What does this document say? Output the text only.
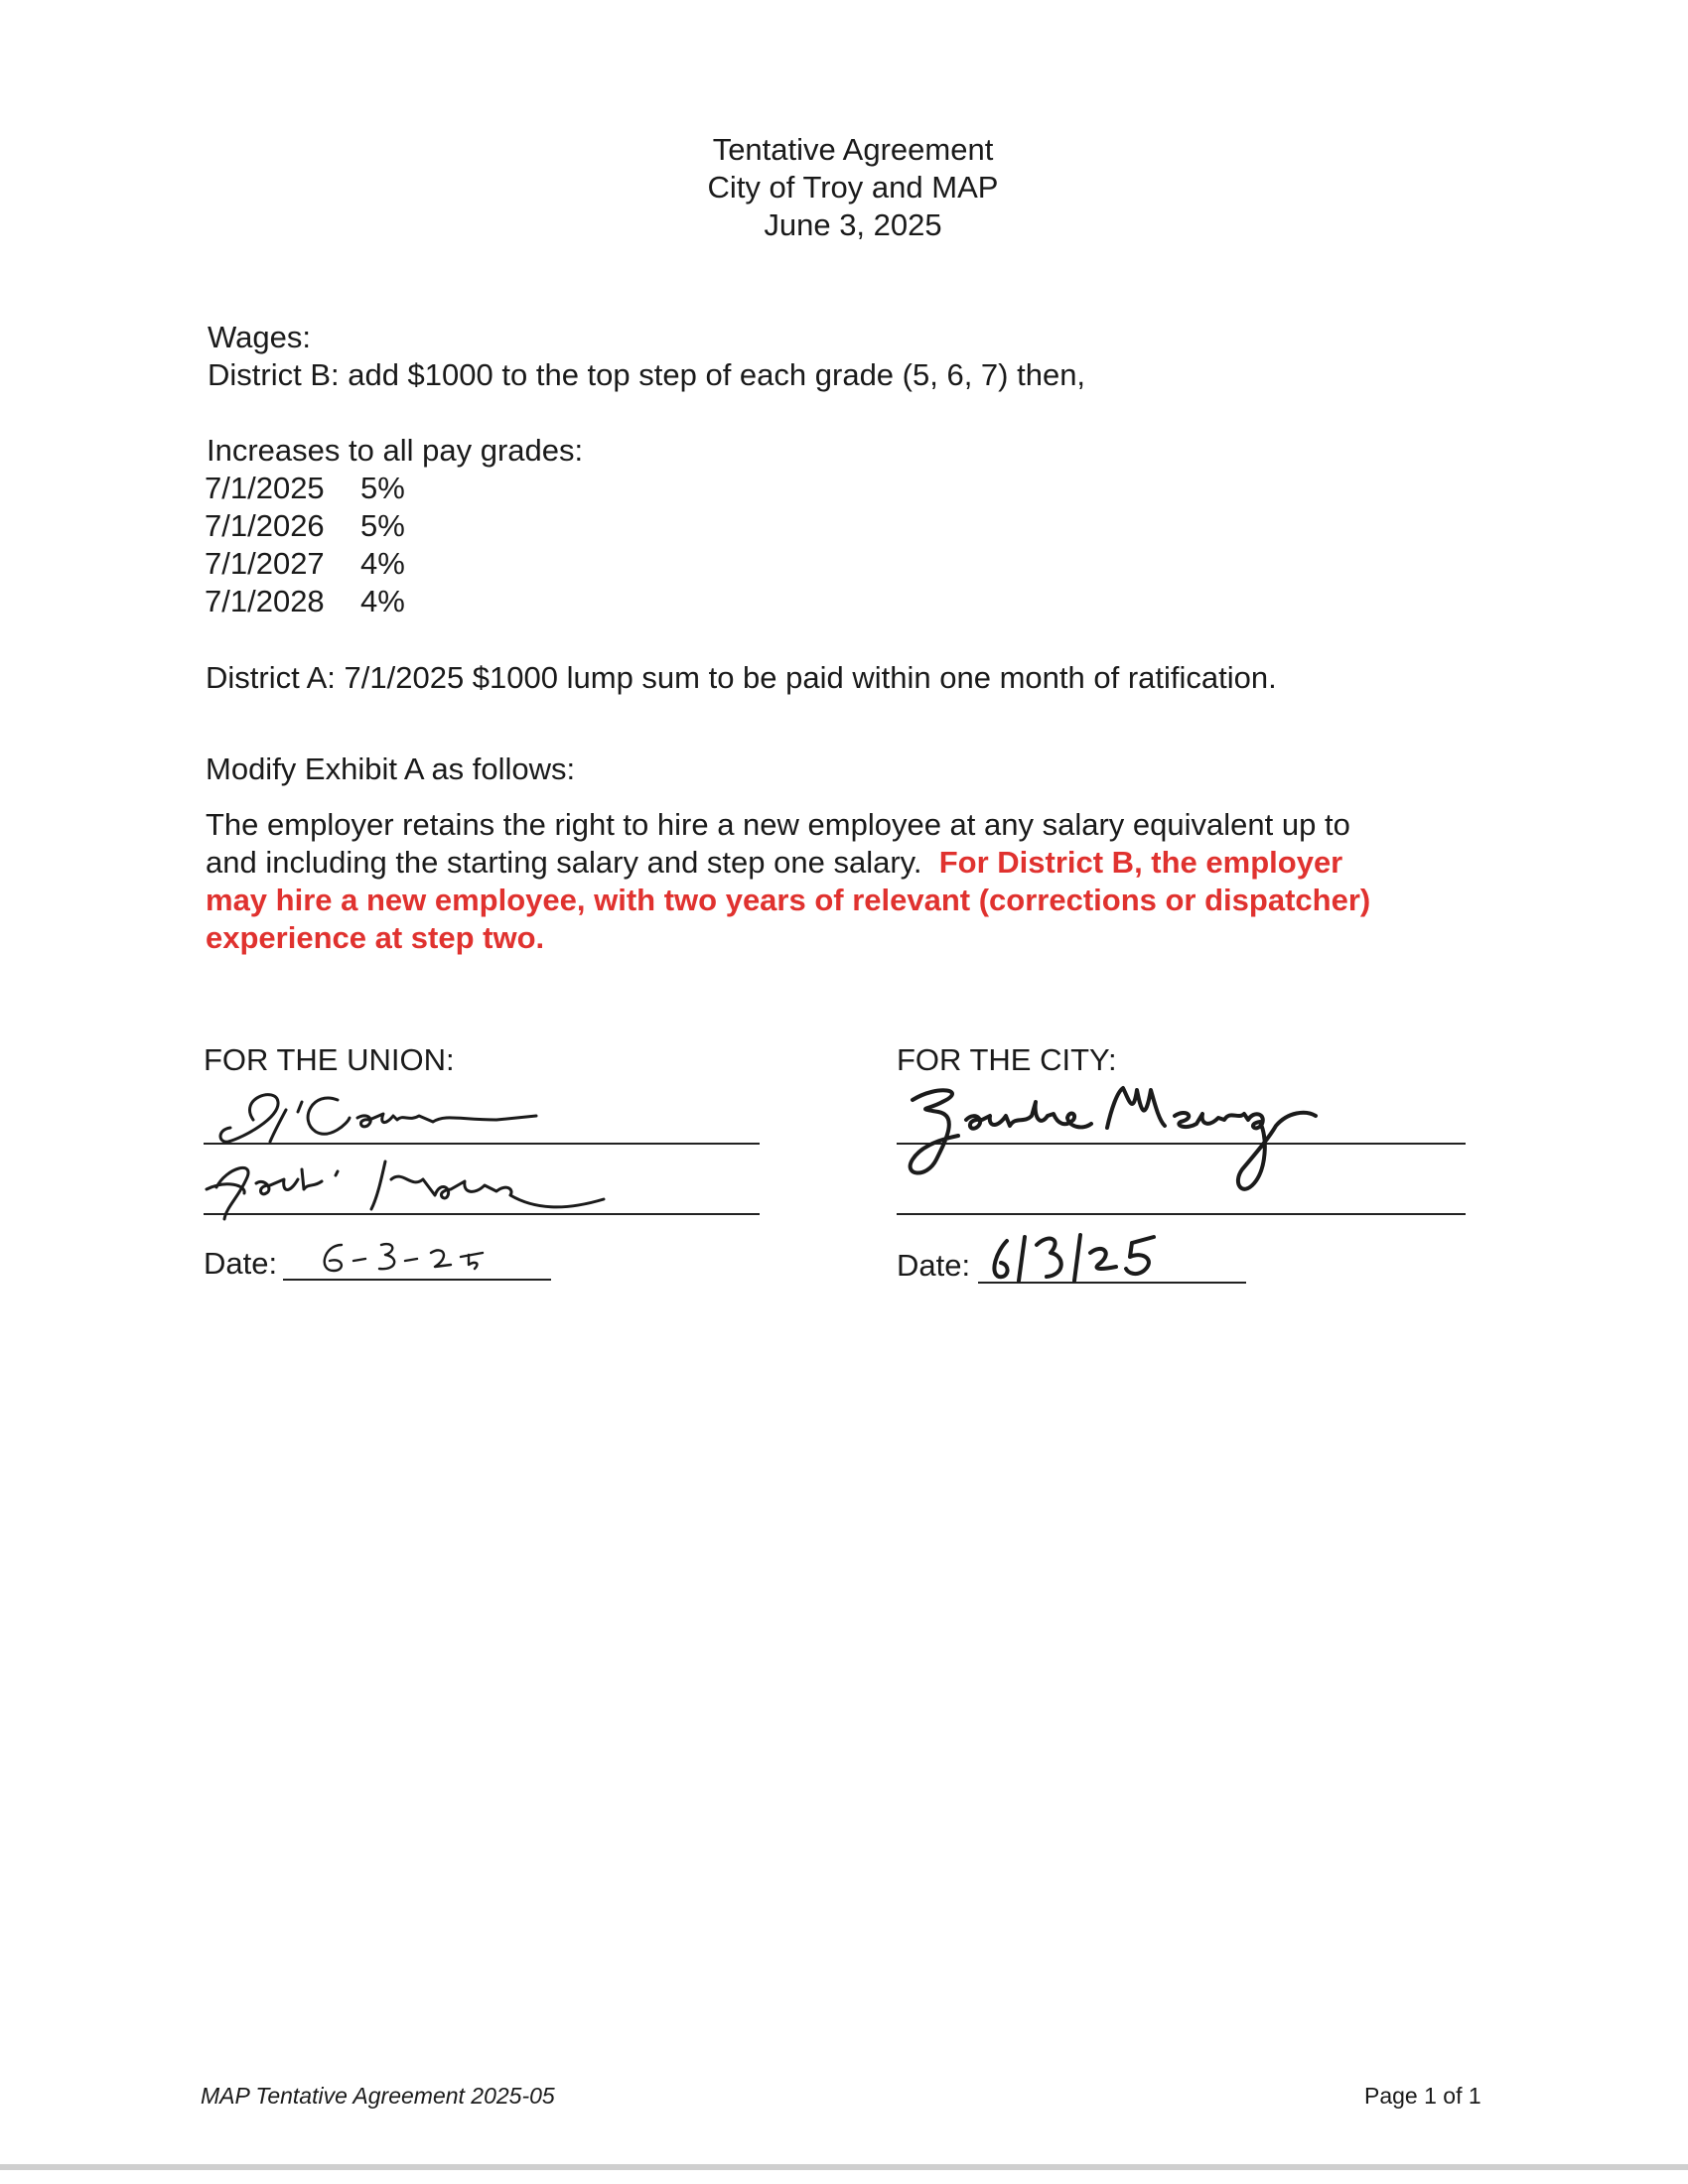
Tentative Agreement
City of Troy and MAP
June 3, 2025
Wages:
District B: add $1000 to the top step of each grade (5, 6, 7) then,
Increases to all pay grades:
7/1/2025	5%
7/1/2026	5%
7/1/2027	4%
7/1/2028	4%
District A: 7/1/2025 $1000 lump sum to be paid within one month of ratification.
Modify Exhibit A as follows:
The employer retains the right to hire a new employee at any salary equivalent up to
and including the starting salary and step one salary. For District B, the employer
may hire a new employee, with two years of relevant (corrections or dispatcher)
experience at step two.
FOR THE UNION:
Date:
FOR THE CITY:
Date:
MAP Tentative Agreement 2025-05	Page 1 of 1
